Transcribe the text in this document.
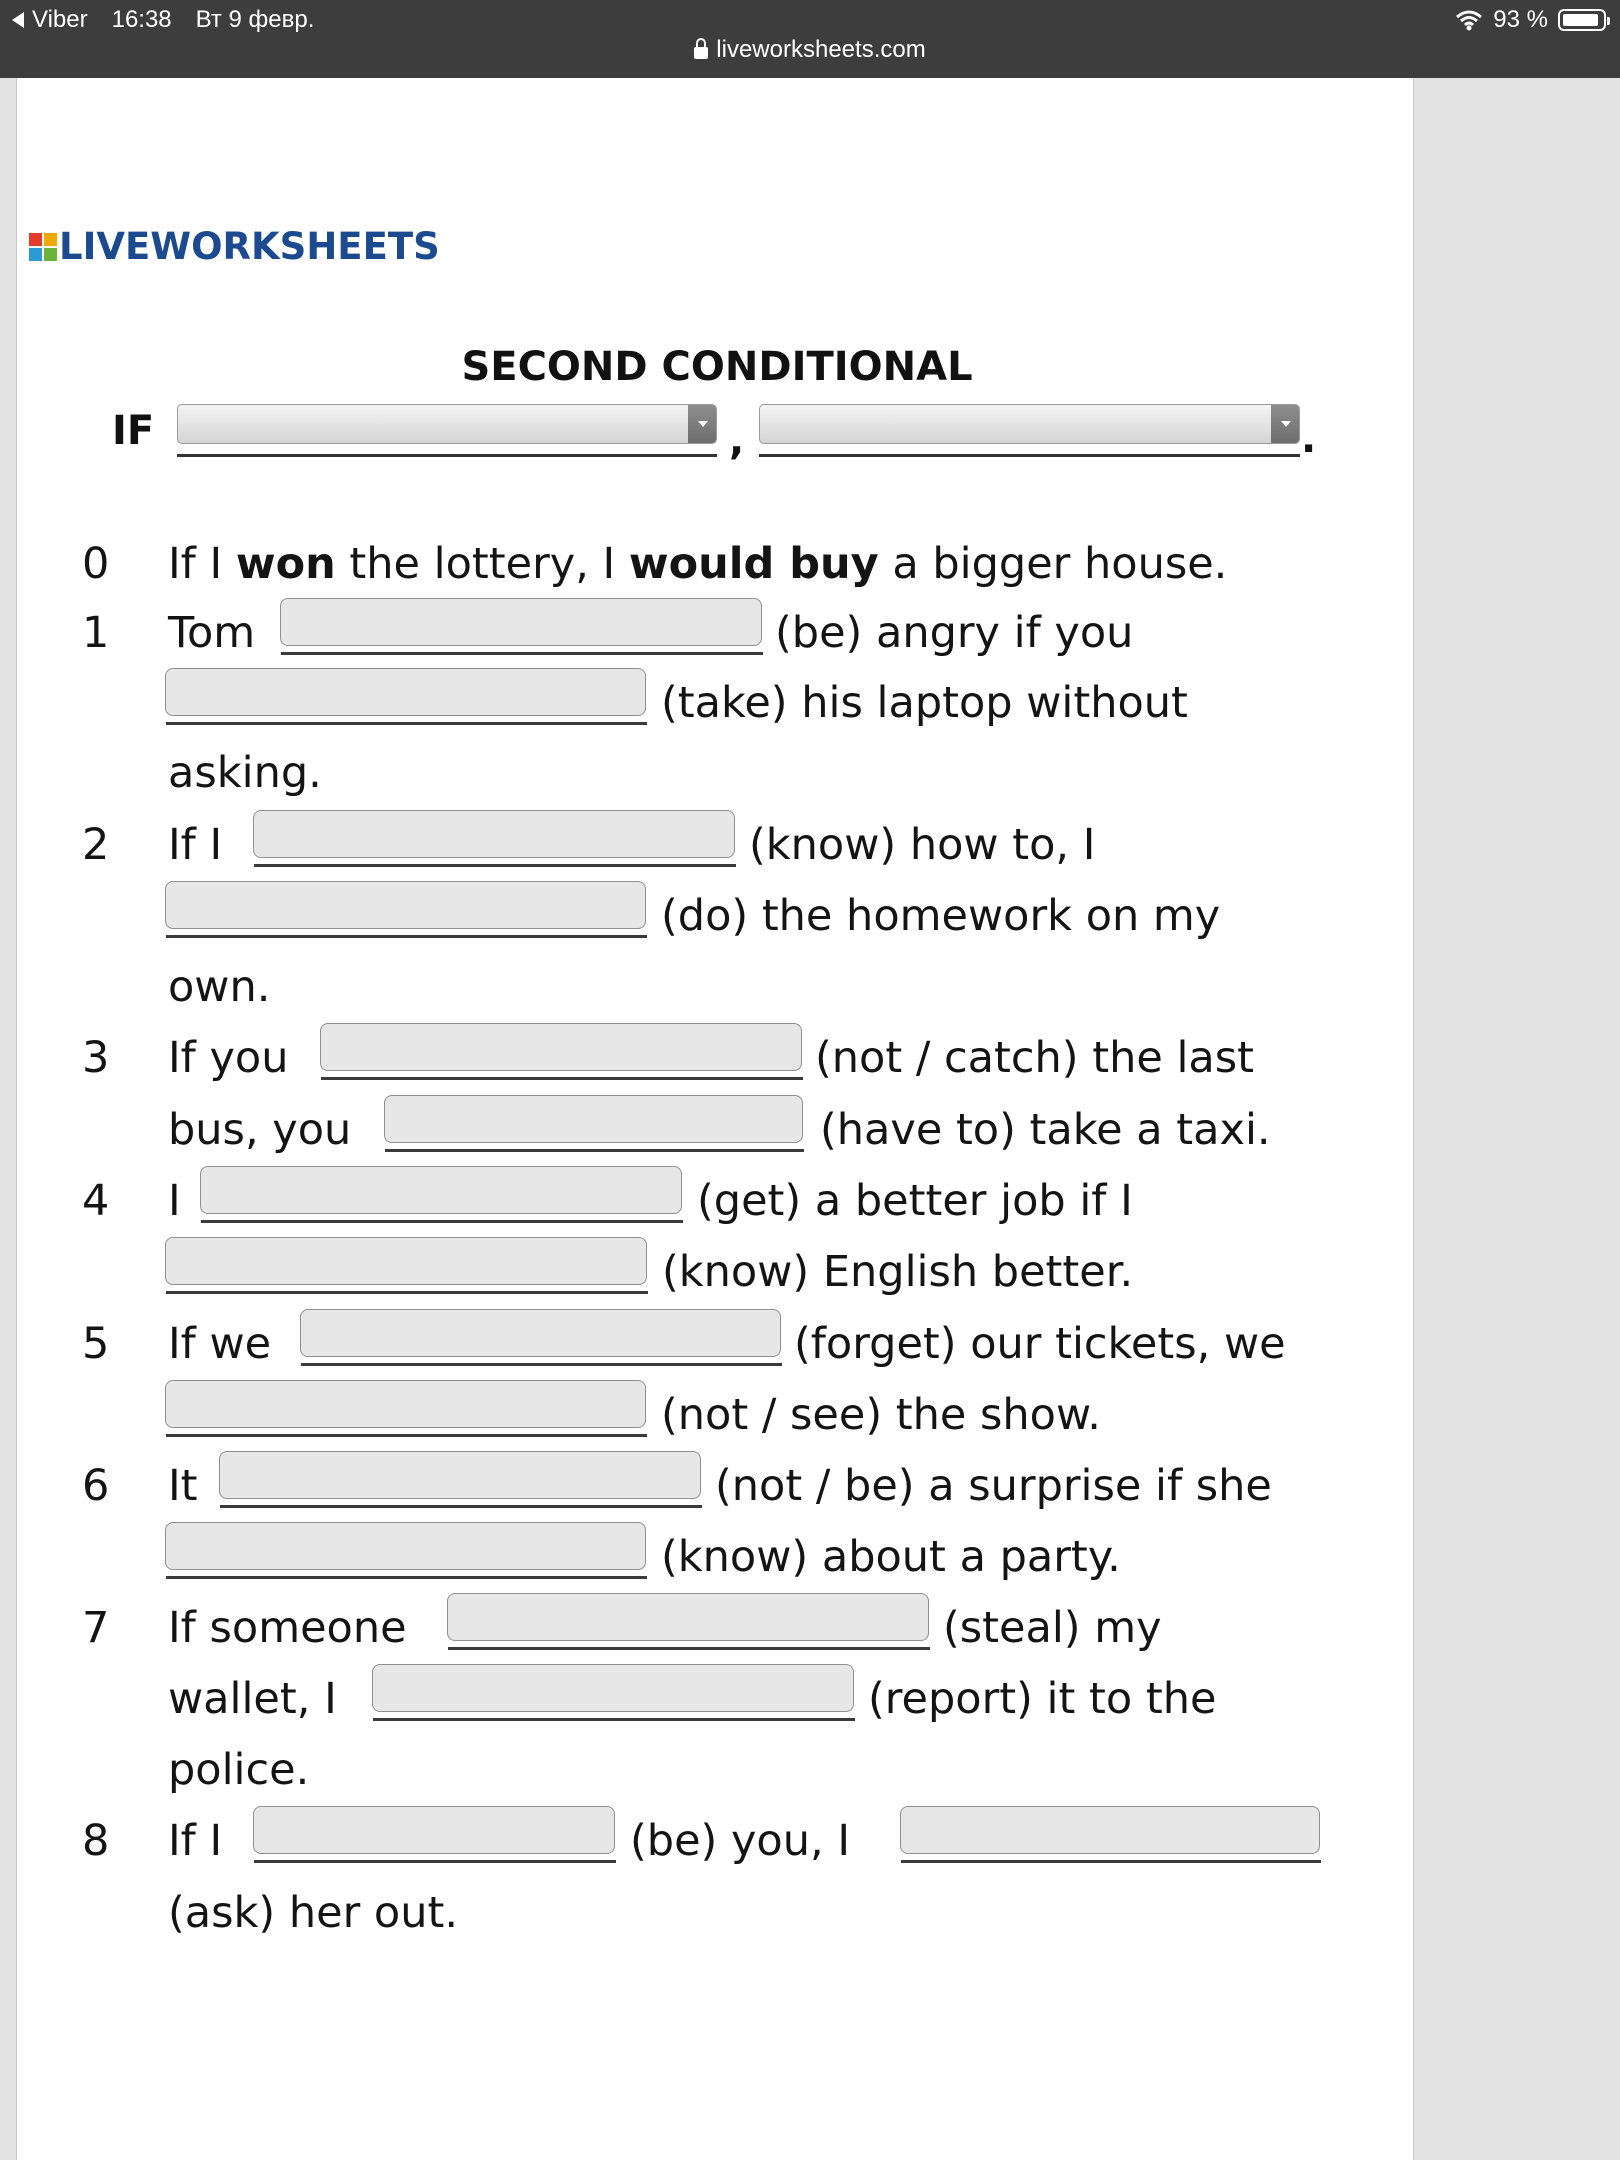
Viber 16:38 Вт 9 февр.	93 %
liveworksheets.com
LIVEWORKSHEETS
SECOND CONDITIONAL
IF	,	.
0 If I won the lottery, I would buy a bigger house.
1 Tom	(be) angry if you
(take) his laptop without
asking.
2 If I	(know) how to, I
(do) the homework on my
own.
3 If you	(not / catch) the last
bus, you	(have to) take a taxi.
4 I	(get) a better job if I
(know) English better.
5 If we	(forget) our tickets, we
(not / see) the show.
6 It	(not / be) a surprise if she
(know) about a party.
7 If someone	(steal) my
wallet, I	(report) it to the
police.
8 If I	(be) you, I
(ask) her out.
